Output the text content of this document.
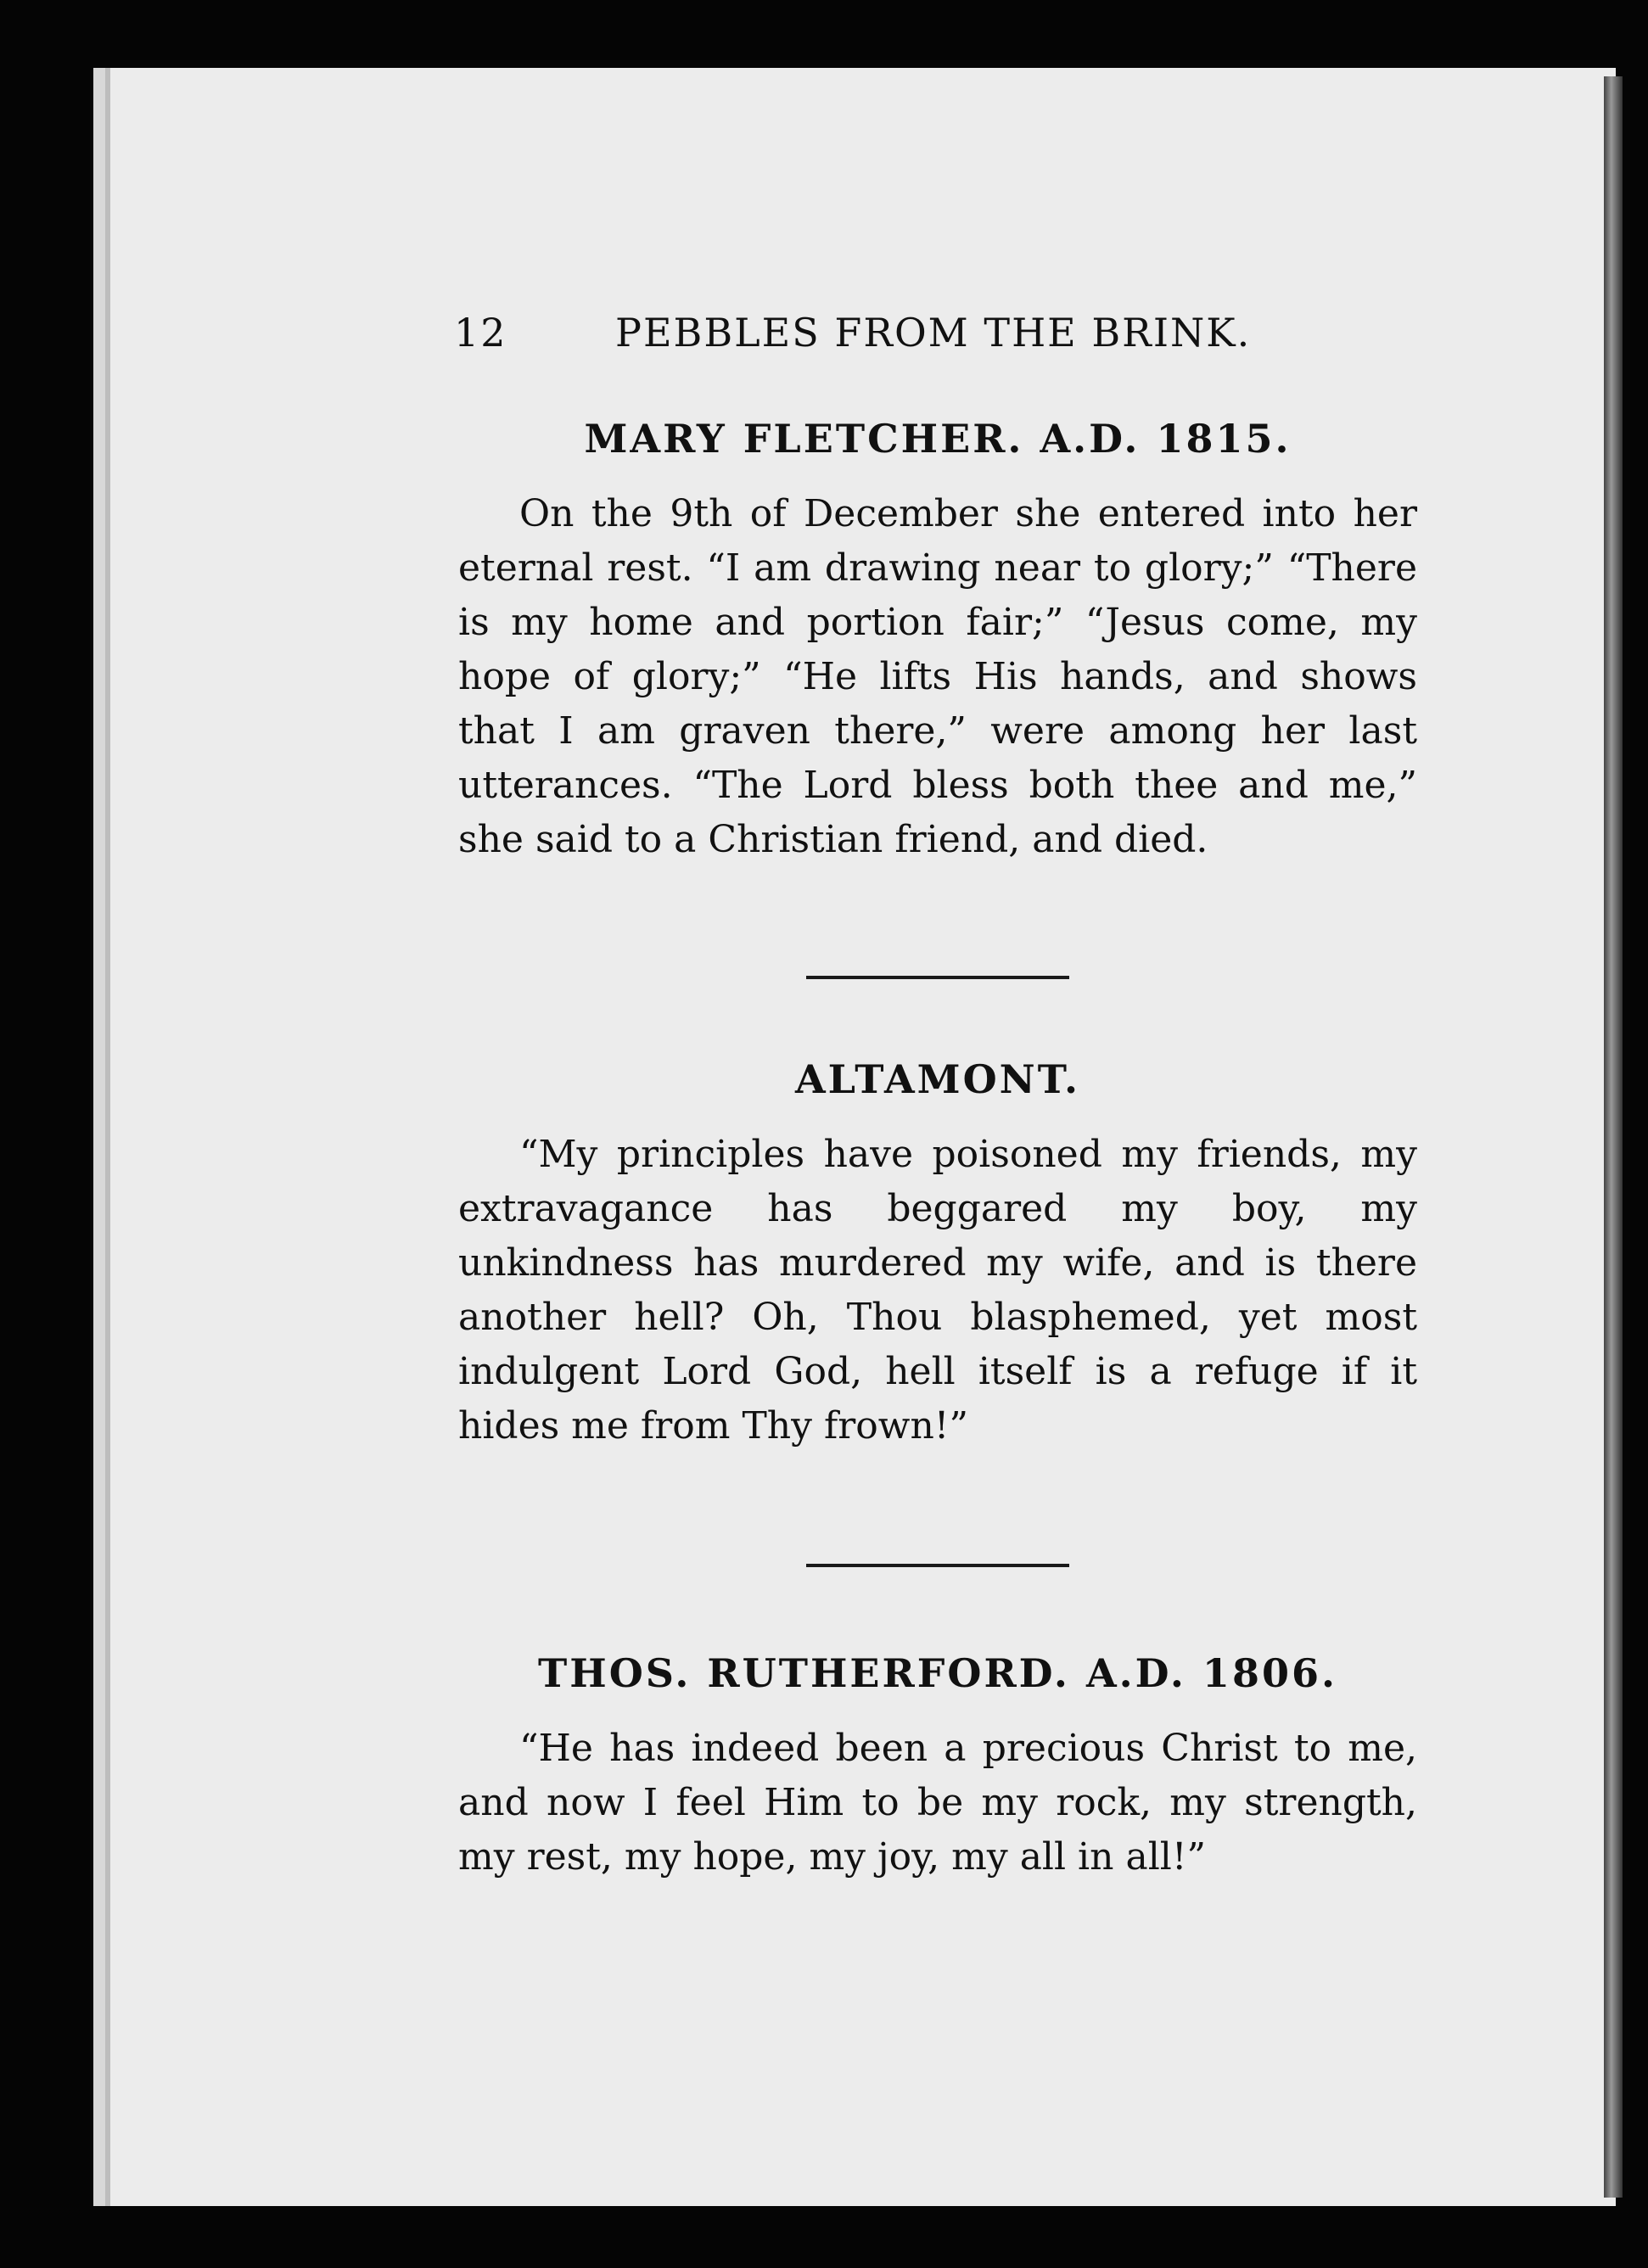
12	PEBBLES FROM THE BRINK.
MARY FLETCHER. A.D. 1815.

On the 9th of December she entered into her eternal rest. “I am drawing near to glory;” “There is my home and portion fair;” “Jesus come, my hope of glory;” “He lifts His hands, and shows that I am graven there,” were among her last utterances. “The Lord bless both thee and me,” she said to a Christian friend, and died.

ALTAMONT.

“My principles have poisoned my friends, my extravagance has beggared my boy, my unkindness has murdered my wife, and is there another hell? Oh, Thou blasphemed, yet most indulgent Lord God, hell itself is a refuge if it hides me from Thy frown!”

THOS. RUTHERFORD. A.D. 1806.

“He has indeed been a precious Christ to me, and now I feel Him to be my rock, my strength, my rest, my hope, my joy, my all in all!”
